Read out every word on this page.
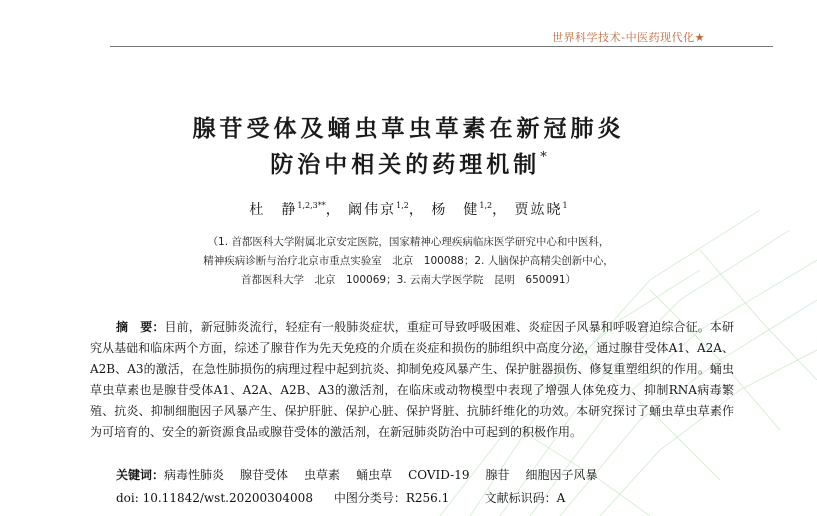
世界科学技术-中医药现代化★
腺苷受体及蛹虫草虫草素在新冠肺炎
防治中相关的药理机制*
杜　静$^{1,2,3**}$， 阚伟京$^{1,2}$， 杨　健$^{1,2}$， 贾竑晓$^1$
（1. 首都医科大学附属北京安定医院，国家精神心理疾病临床医学研究中心和中医科，
精神疾病诊断与治疗北京市重点实验室　北京　100088；2. 人脑保护高精尖创新中心，
首都医科大学　北京　100069；3. 云南大学医学院　昆明　650091）
摘　要：目前，新冠肺炎流行，轻症有一般肺炎症状，重症可导致呼吸困难、炎症因子风暴和呼吸窘迫综合征。本研究从基础和临床两个方面，综述了腺苷作为先天免疫的介质在炎症和损伤的肺组织中高度分泌，通过腺苷受体A1、A2A、A2B、A3的激活，在急性肺损伤的病理过程中起到抗炎、抑制免疫风暴产生、保护脏器损伤、修复重塑组织的作用。蛹虫草虫草素也是腺苷受体A1、A2A、A2B、A3的激活剂，在临床或动物模型中表现了增强人体免疫力、抑制RNA病毒繁殖、抗炎、抑制细胞因子风暴产生、保护肝脏、保护心脏、保护肾脏、抗肺纤维化的功效。本研究探讨了蛹虫草虫草素作为可培育的、安全的新资源食品或腺苷受体的激活剂，在新冠肺炎防治中可起到的积极作用。
关键词：病毒性肺炎 腺苷受体 虫草素 蛹虫草 COVID-19 腺苷 细胞因子风暴
doi: 10.11842/wst.20200304008 中图分类号：R256.1	文献标识码：A
